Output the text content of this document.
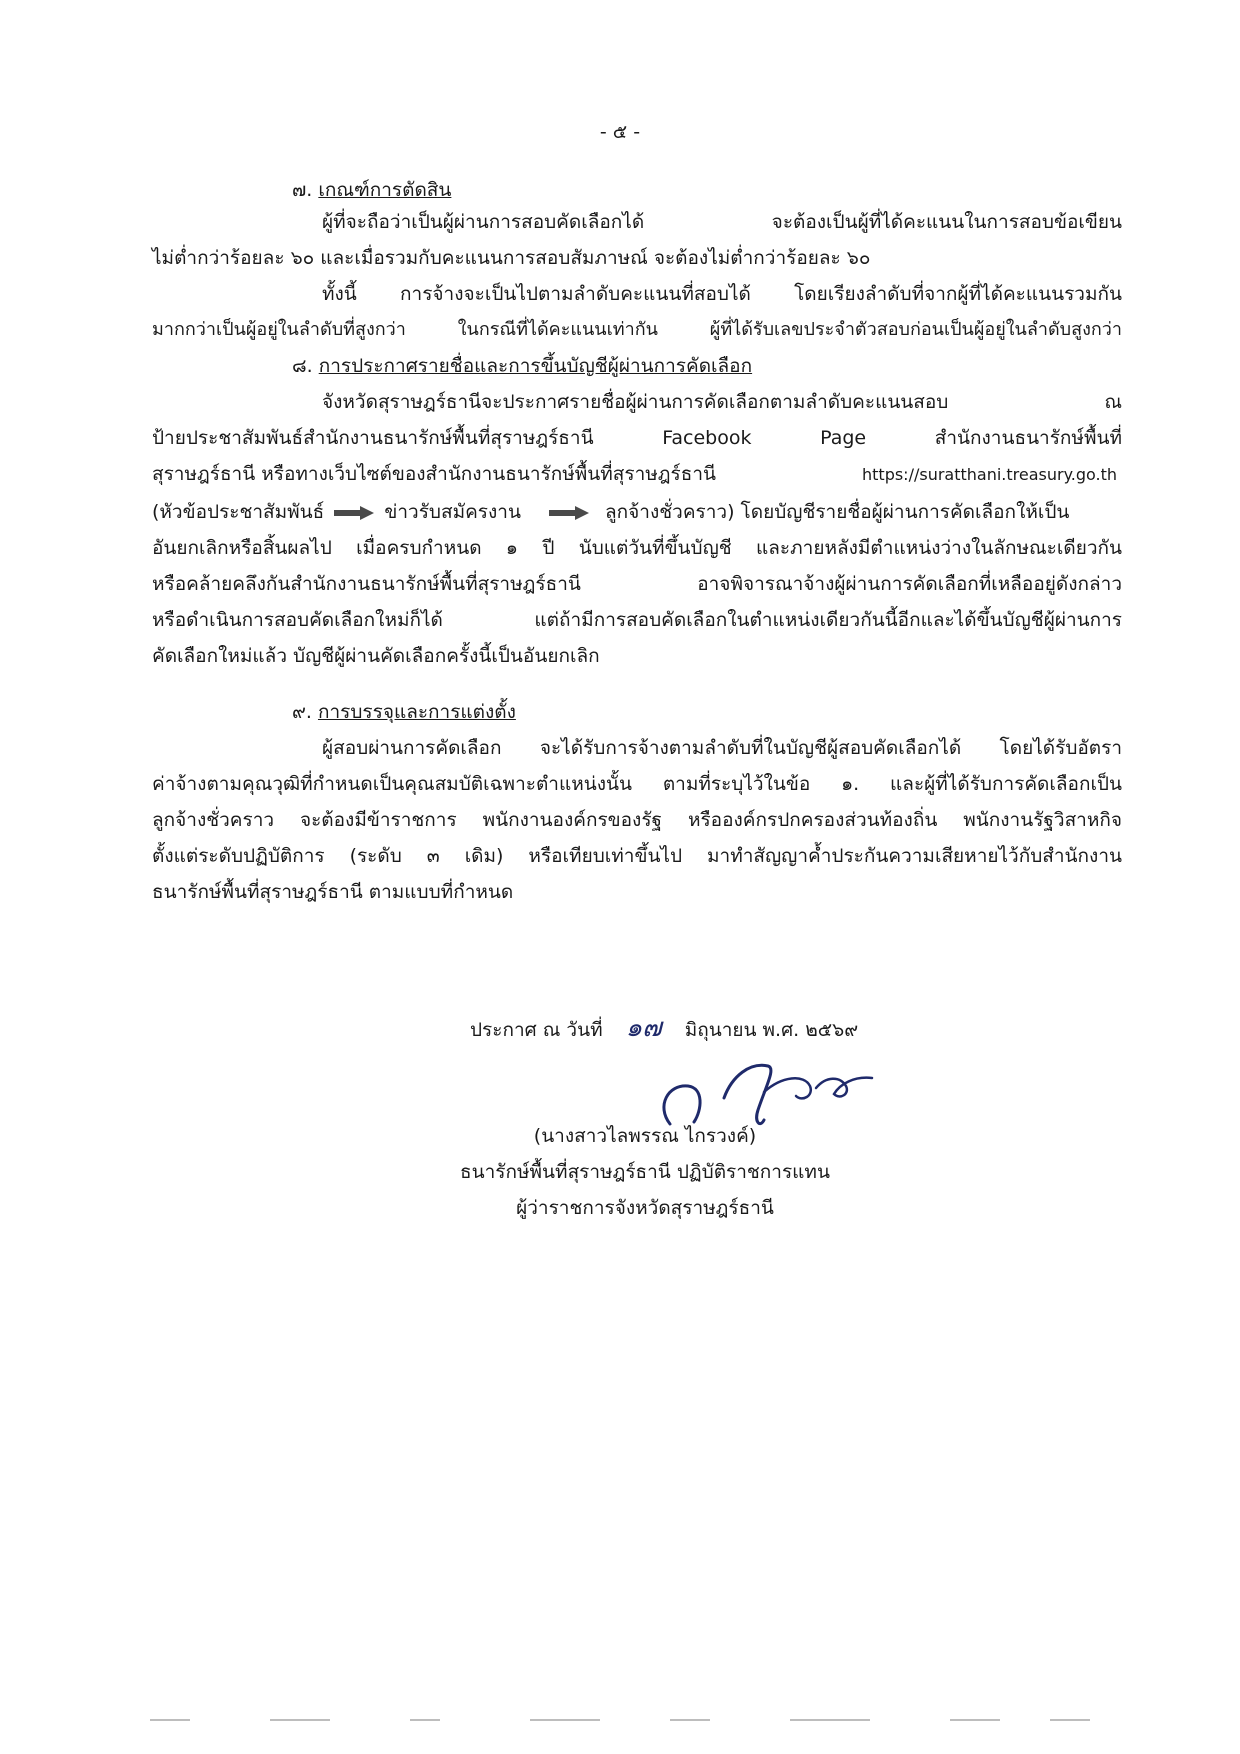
- ๕ -
๗. เกณฑ์การตัดสิน
ผู้ที่จะถือว่าเป็นผู้ผ่านการสอบคัดเลือกได้ จะต้องเป็นผู้ที่ได้คะแนนในการสอบข้อเขียน
ไม่ต่ำกว่าร้อยละ ๖๐ และเมื่อรวมกับคะแนนการสอบสัมภาษณ์ จะต้องไม่ต่ำกว่าร้อยละ ๖๐
ทั้งนี้ การจ้างจะเป็นไปตามลำดับคะแนนที่สอบได้ โดยเรียงลำดับที่จากผู้ที่ได้คะแนนรวมกัน
มากกว่าเป็นผู้อยู่ในลำดับที่สูงกว่า ในกรณีที่ได้คะแนนเท่ากัน ผู้ที่ได้รับเลขประจำตัวสอบก่อนเป็นผู้อยู่ในลำดับสูงกว่า
๘. การประกาศรายชื่อและการขึ้นบัญชีผู้ผ่านการคัดเลือก
จังหวัดสุราษฎร์ธานีจะประกาศรายชื่อผู้ผ่านการคัดเลือกตามลำดับคะแนนสอบ ณ
ป้ายประชาสัมพันธ์สำนักงานธนารักษ์พื้นที่สุราษฎร์ธานี Facebook Page สำนักงานธนารักษ์พื้นที่
สุราษฎร์ธานี หรือทางเว็บไซต์ของสำนักงานธนารักษ์พื้นที่สุราษฎร์ธานี	https://suratthani.treasury.go.th
(หัวข้อประชาสัมพันธ์	ข่าวรับสมัครงาน	ลูกจ้างชั่วคราว) โดยบัญชีรายชื่อผู้ผ่านการคัดเลือกให้เป็น
อันยกเลิกหรือสิ้นผลไป เมื่อครบกำหนด ๑ ปี นับแต่วันที่ขึ้นบัญชี และภายหลังมีตำแหน่งว่างในลักษณะเดียวกัน
หรือคล้ายคลึงกันสำนักงานธนารักษ์พื้นที่สุราษฎร์ธานี อาจพิจารณาจ้างผู้ผ่านการคัดเลือกที่เหลืออยู่ดังกล่าว
หรือดำเนินการสอบคัดเลือกใหม่ก็ได้ แต่ถ้ามีการสอบคัดเลือกในตำแหน่งเดียวกันนี้อีกและได้ขึ้นบัญชีผู้ผ่านการ
คัดเลือกใหม่แล้ว บัญชีผู้ผ่านคัดเลือกครั้งนี้เป็นอันยกเลิก
๙. การบรรจุและการแต่งตั้ง
ผู้สอบผ่านการคัดเลือก จะได้รับการจ้างตามลำดับที่ในบัญชีผู้สอบคัดเลือกได้ โดยได้รับอัตรา
ค่าจ้างตามคุณวุฒิที่กำหนดเป็นคุณสมบัติเฉพาะตำแหน่งนั้น ตามที่ระบุไว้ในข้อ ๑. และผู้ที่ได้รับการคัดเลือกเป็น
ลูกจ้างชั่วคราว จะต้องมีข้าราชการ พนักงานองค์กรของรัฐ หรือองค์กรปกครองส่วนท้องถิ่น พนักงานรัฐวิสาหกิจ
ตั้งแต่ระดับปฏิบัติการ (ระดับ ๓ เดิม) หรือเทียบเท่าขึ้นไป มาทำสัญญาค้ำประกันความเสียหายไว้กับสำนักงาน
ธนารักษ์พื้นที่สุราษฎร์ธานี ตามแบบที่กำหนด
ประกาศ ณ วันที่ ๑๗ มิถุนายน พ.ศ. ๒๕๖๙
(นางสาวไลพรรณ ไกรวงค์)
ธนารักษ์พื้นที่สุราษฎร์ธานี ปฏิบัติราชการแทน
ผู้ว่าราชการจังหวัดสุราษฎร์ธานี
